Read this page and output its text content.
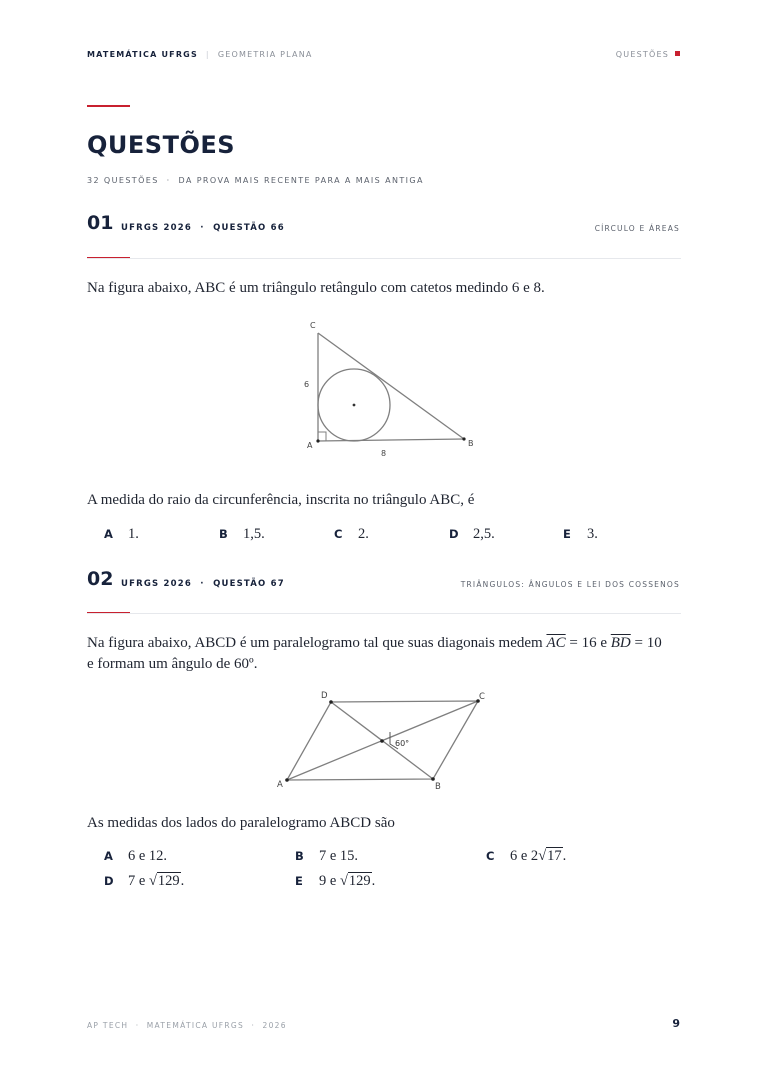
MATEMÁTICA UFRGS | GEOMETRIA PLANA	QUESTÕES
QUESTÕES
32 QUESTÕES · DA PROVA MAIS RECENTE PARA A MAIS ANTIGA
01 UFRGS 2026 · QUESTÃO 66	CÍRCULO E ÁREAS
Na figura abaixo, ABC é um triângulo retângulo com catetos medindo 6 e 8.
C
A	B
6
8
A medida do raio da circunferência, inscrita no triângulo ABC, é
A 1.	B 1,5.	C 2.	D 2,5.	E 3.
02 UFRGS 2026 · QUESTÃO 67	TRIÂNGULOS: ÂNGULOS E LEI DOS COSSENOS
Na figura abaixo, ABCD é um paralelogramo tal que suas diagonais medem $\overline{AC} = 16$ e $\overline{BD} = 10$
e formam um ângulo de 60º.
D	C
A	B
60°
As medidas dos lados do paralelogramo ABCD são
A 6 e 12.	B 7 e 15.	C 6 e 2√17.
D 7 e √129.	E 9 e √129.
AP TECH · MATEMÁTICA UFRGS · 2026	9
